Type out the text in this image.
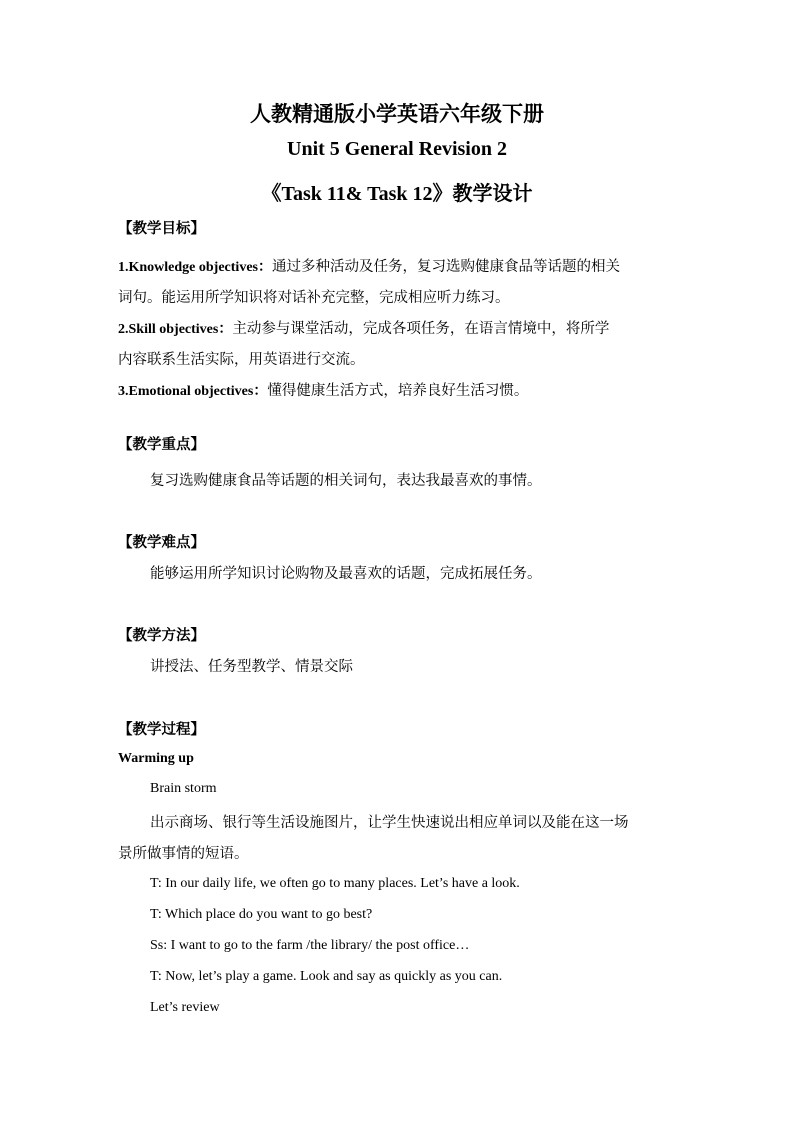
人教精通版小学英语六年级下册
Unit 5 General Revision 2
《Task 11& Task 12》教学设计
【教学目标】
1.Knowledge objectives：通过多种活动及任务，复习选购健康食品等话题的相关
词句。能运用所学知识将对话补充完整，完成相应听力练习。
2.Skill objectives：主动参与课堂活动，完成各项任务，在语言情境中，将所学
内容联系生活实际，用英语进行交流。
3.Emotional objectives：懂得健康生活方式，培养良好生活习惯。
【教学重点】
复习选购健康食品等话题的相关词句，表达我最喜欢的事情。
【教学难点】
能够运用所学知识讨论购物及最喜欢的话题，完成拓展任务。
【教学方法】
讲授法、任务型教学、情景交际
【教学过程】
Warming up
Brain storm
出示商场、银行等生活设施图片，让学生快速说出相应单词以及能在这一场
景所做事情的短语。
T: In our daily life, we often go to many places. Let’s have a look.
T: Which place do you want to go best?
Ss: I want to go to the farm /the library/ the post office…
T: Now, let’s play a game. Look and say as quickly as you can.
Let’s review
